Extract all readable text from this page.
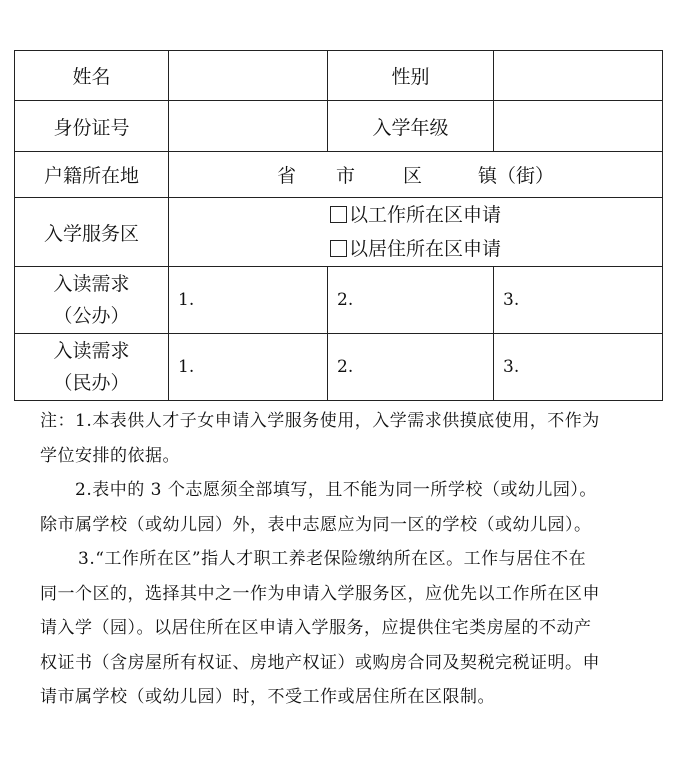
姓名		性别	
身份证号		入学年级	
户籍所在地	省 市 区 镇（街）		

入学服务区	以工作所在区申请
以居住所在区申请		

入读需求
（公办）	1.	2.	3.

入读需求
（民办）	1.	2.	3.

注：1.本表供人才子女申请入学服务使用，入学需求供摸底使用，不作为

学位安排的依据。

2.表中的 3 个志愿须全部填写，且不能为同一所学校（或幼儿园）。

除市属学校（或幼儿园）外，表中志愿应为同一区的学校（或幼儿园）。

3.“工作所在区”指人才职工养老保险缴纳所在区。工作与居住不在

同一个区的，选择其中之一作为申请入学服务区，应优先以工作所在区申

请入学（园）。以居住所在区申请入学服务，应提供住宅类房屋的不动产

权证书（含房屋所有权证、房地产权证）或购房合同及契税完税证明。申

请市属学校（或幼儿园）时，不受工作或居住所在区限制。
